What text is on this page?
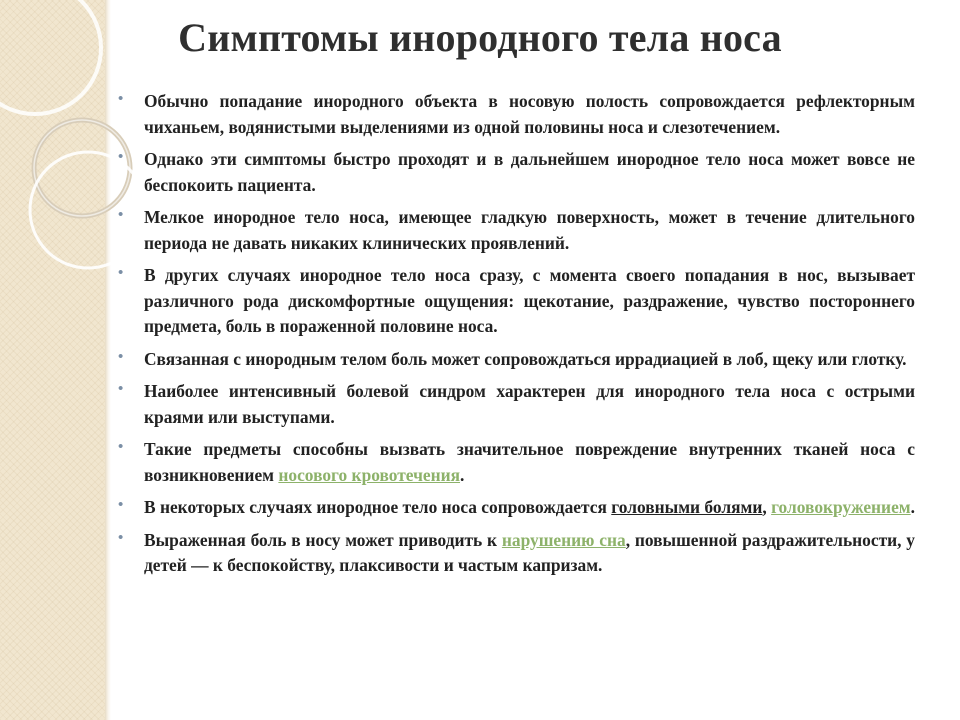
Симптомы инородного тела носа
• Обычно попадание инородного объекта в носовую полость сопровождается рефлекторным чиханьем, водянистыми выделениями из одной половины носа и слезотечением.
• Однако эти симптомы быстро проходят и в дальнейшем инородное тело носа может вовсе не беспокоить пациента.
• Мелкое инородное тело носа, имеющее гладкую поверхность, может в течение длительного периода не давать никаких клинических проявлений.
• В других случаях инородное тело носа сразу, с момента своего попадания в нос, вызывает различного рода дискомфортные ощущения: щекотание, раздражение, чувство постороннего предмета, боль в пораженной половине носа.
• Связанная с инородным телом боль может сопровождаться иррадиацией в лоб, щеку или глотку.
• Наиболее интенсивный болевой синдром характерен для инородного тела носа с острыми краями или выступами.
• Такие предметы способны вызвать значительное повреждение внутренних тканей носа с возникновением носового кровотечения.
• В некоторых случаях инородное тело носа сопровождается головными болями, головокружением.
• Выраженная боль в носу может приводить к нарушению сна, повышенной раздражительности, у детей — к беспокойству, плаксивости и частым капризам.
